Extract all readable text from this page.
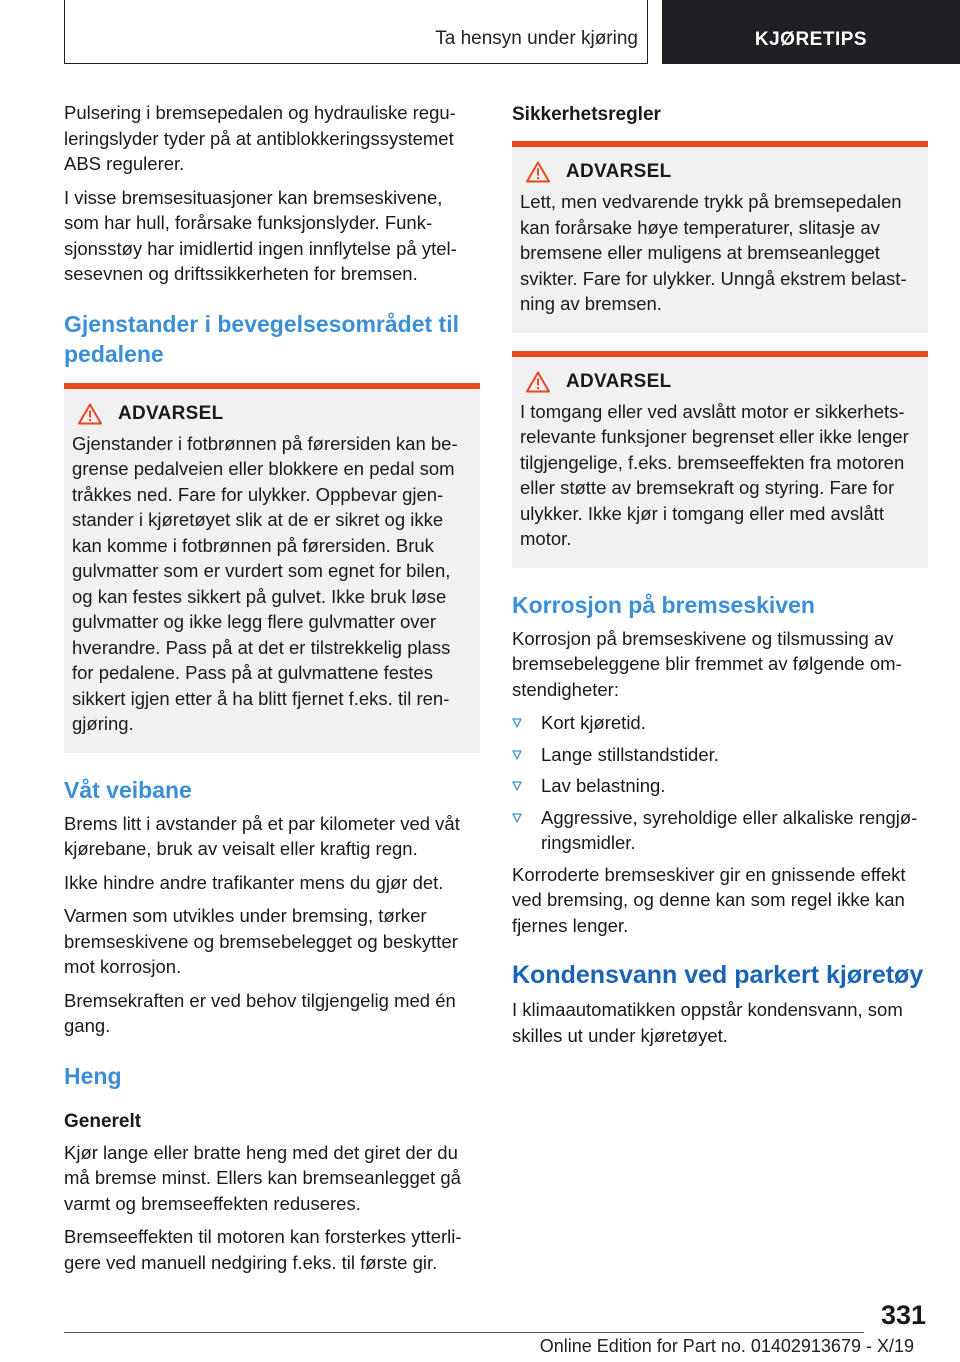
Ta hensyn under kjøring	KJØRETIPS

Pulsering i bremsepedalen og hydrauliske reguleringslyder tyder på at antiblokkeringssystemet ABS regulerer.

I visse bremsesituasjoner kan bremseskivene, som har hull, forårsake funksjonslyder. Funksjonsstøy har imidlertid ingen innflytelse på ytelsesevnen og driftssikkerheten for bremsen.

Gjenstander i bevegelsesområdet til pedalene
ADVARSEL

Gjenstander i fotbrønnen på førersiden kan begrense pedalveien eller blokkere en pedal som tråkkes ned. Fare for ulykker. Oppbevar gjenstander i kjøretøyet slik at de er sikret og ikke kan komme i fotbrønnen på førersiden. Bruk gulvmatter som er vurdert som egnet for bilen, og kan festes sikkert på gulvet. Ikke bruk løse gulvmatter og ikke legg flere gulvmatter over hverandre. Pass på at det er tilstrekkelig plass for pedalene. Pass på at gulvmattene festes sikkert igjen etter å ha blitt fjernet f.eks. til rengjøring.

Våt veibane

Brems litt i avstander på et par kilometer ved våt kjørebane, bruk av veisalt eller kraftig regn.

Ikke hindre andre trafikanter mens du gjør det.

Varmen som utvikles under bremsing, tørker bremseskivene og bremsebelegget og beskytter mot korrosjon.

Bremsekraften er ved behov tilgjengelig med én gang.

Heng
Generelt

Kjør lange eller bratte heng med det giret der du må bremse minst. Ellers kan bremseanlegget gå varmt og bremseeffekten reduseres.

Bremseeffekten til motoren kan forsterkes ytterligere ved manuell nedgiring f.eks. til første gir.

Sikkerhetsregler
ADVARSEL

Lett, men vedvarende trykk på bremsepedalen kan forårsake høye temperaturer, slitasje av bremsene eller muligens at bremseanlegget svikter. Fare for ulykker. Unngå ekstrem belastning av bremsen.

ADVARSEL

I tomgang eller ved avslått motor er sikkerhetsrelevante funksjoner begrenset eller ikke lenger tilgjengelige, f.eks. bremseeffekten fra motoren eller støtte av bremsekraft og styring. Fare for ulykker. Ikke kjør i tomgang eller med avslått motor.

Korrosjon på bremseskiven

Korrosjon på bremseskivene og tilsmussing av bremsebeleggene blir fremmet av følgende omstendigheter:

Kort kjøretid.
Lange stillstandstider.
Lav belastning.
Aggressive, syreholdige eller alkaliske rengjøringsmidler.

Korroderte bremseskiver gir en gnissende effekt ved bremsing, og denne kan som regel ikke kan fjernes lenger.

Kondensvann ved parkert kjøretøy

I klimaautomatikken oppstår kondensvann, som skilles ut under kjøretøyet.

331
Online Edition for Part no. 01402913679 - X/19
